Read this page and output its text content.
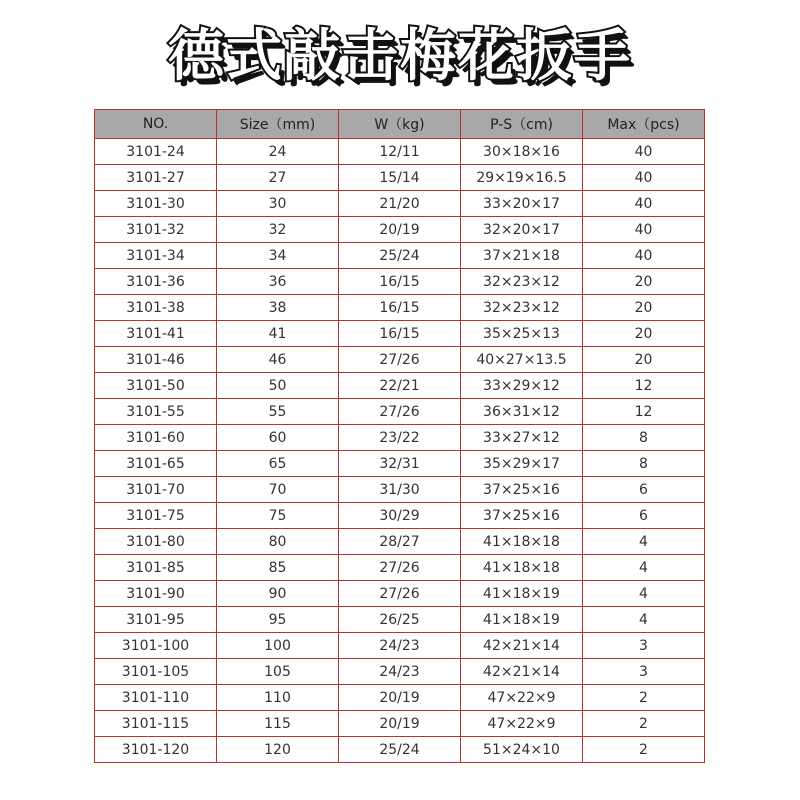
德式敲击梅花扳手
NO.	Size（mm)	W（kg)	P-S（cm)	Max（pcs)
3101-24	24	12/11	30×18×16	40
3101-27	27	15/14	29×19×16.5	40
3101-30	30	21/20	33×20×17	40
3101-32	32	20/19	32×20×17	40
3101-34	34	25/24	37×21×18	40
3101-36	36	16/15	32×23×12	20
3101-38	38	16/15	32×23×12	20
3101-41	41	16/15	35×25×13	20
3101-46	46	27/26	40×27×13.5	20
3101-50	50	22/21	33×29×12	12
3101-55	55	27/26	36×31×12	12
3101-60	60	23/22	33×27×12	8
3101-65	65	32/31	35×29×17	8
3101-70	70	31/30	37×25×16	6
3101-75	75	30/29	37×25×16	6
3101-80	80	28/27	41×18×18	4
3101-85	85	27/26	41×18×18	4
3101-90	90	27/26	41×18×19	4
3101-95	95	26/25	41×18×19	4
3101-100	100	24/23	42×21×14	3
3101-105	105	24/23	42×21×14	3
3101-110	110	20/19	47×22×9	2
3101-115	115	20/19	47×22×9	2
3101-120	120	25/24	51×24×10	2
